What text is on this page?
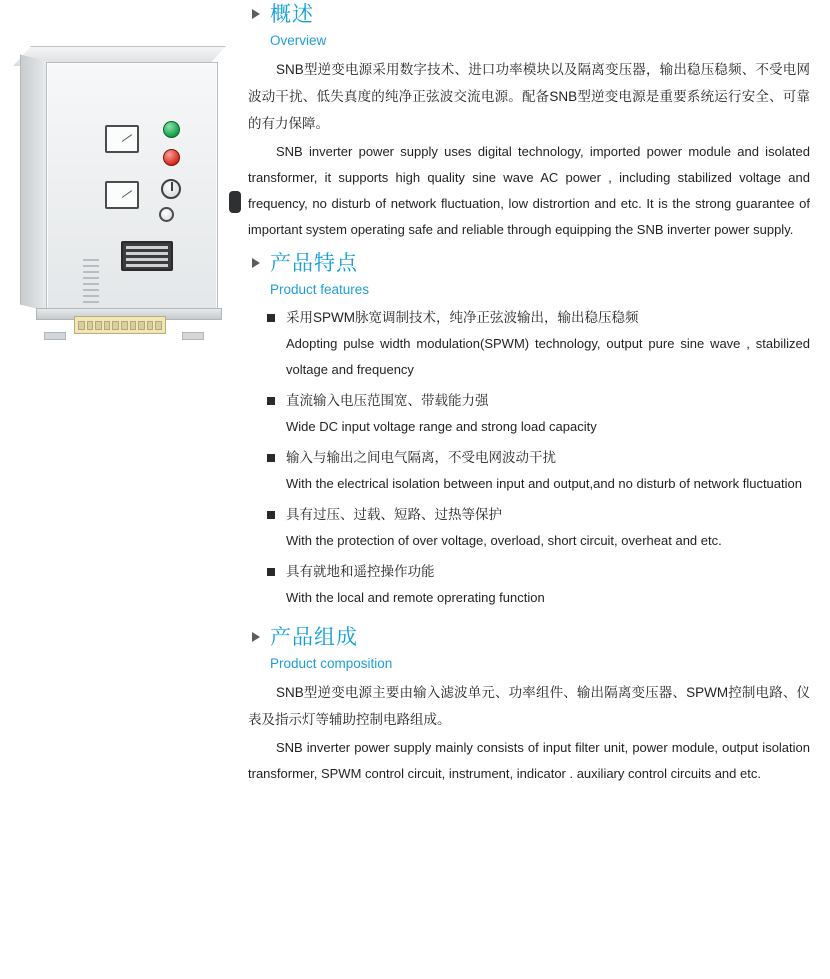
概述
Overview

SNB型逆变电源采用数字技术、进口功率模块以及隔离变压器，输出稳压稳频、不受电网波动干扰、低失真度的纯净正弦波交流电源。配备SNB型逆变电源是重要系统运行安全、可靠的有力保障。

SNB inverter power supply uses digital technology, imported power module and isolated transformer, it supports high quality sine wave AC power , including stabilized voltage and frequency, no disturb of network fluctuation, low distrortion and etc. It is the strong guarantee of important system operating safe and reliable through equipping the SNB inverter power supply.

产品特点
Product features
采用SPWM脉宽调制技术，纯净正弦波输出，输出稳压稳频
Adopting pulse width modulation(SPWM) technology, output pure sine wave , stabilized voltage and frequency
直流输入电压范围宽、带载能力强
Wide DC input voltage range and strong load capacity
输入与输出之间电气隔离，不受电网波动干扰
With the electrical isolation between input and output,and no disturb of network fluctuation
具有过压、过载、短路、过热等保护
With the protection of over voltage, overload, short circuit, overheat and etc.
具有就地和遥控操作功能
With the local and remote oprerating function
产品组成
Product composition

SNB型逆变电源主要由输入滤波单元、功率组件、输出隔离变压器、SPWM控制电路、仪表及指示灯等辅助控制电路组成。

SNB inverter power supply mainly consists of input filter unit, power module, output isolation transformer, SPWM control circuit, instrument, indicator . auxiliary control circuits and etc.
